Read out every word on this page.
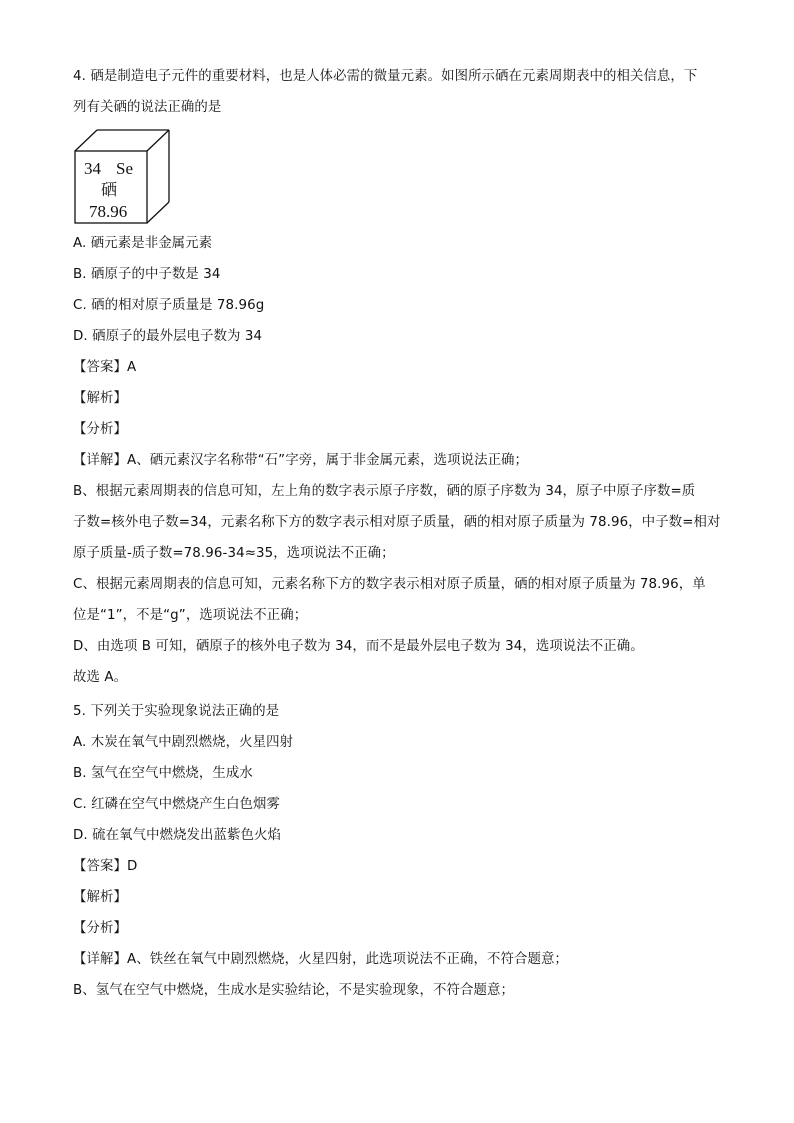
4. 硒是制造电子元件的重要材料，也是人体必需的微量元素。如图所示硒在元素周期表中的相关信息，下
列有关硒的说法正确的是
34 Se
硒
78.96
A. 硒元素是非金属元素
B. 硒原子的中子数是 34
C. 硒的相对原子质量是 78.96g
D. 硒原子的最外层电子数为 34
【答案】A
【解析】
【分析】
【详解】A、硒元素汉字名称带“石”字旁，属于非金属元素，选项说法正确；
B、根据元素周期表的信息可知，左上角的数字表示原子序数，硒的原子序数为 34，原子中原子序数=质
子数=核外电子数=34，元素名称下方的数字表示相对原子质量，硒的相对原子质量为 78.96，中子数=相对
原子质量-质子数=78.96-34≈35，选项说法不正确；
C、根据元素周期表的信息可知，元素名称下方的数字表示相对原子质量，硒的相对原子质量为 78.96，单
位是“1”，不是“g”，选项说法不正确；
D、由选项 B 可知，硒原子的核外电子数为 34，而不是最外层电子数为 34，选项说法不正确。
故选 A。
5. 下列关于实验现象说法正确的是
A. 木炭在氧气中剧烈燃烧，火星四射
B. 氢气在空气中燃烧，生成水
C. 红磷在空气中燃烧产生白色烟雾
D. 硫在氧气中燃烧发出蓝紫色火焰
【答案】D
【解析】
【分析】
【详解】A、铁丝在氧气中剧烈燃烧，火星四射，此选项说法不正确，不符合题意；
B、氢气在空气中燃烧，生成水是实验结论，不是实验现象，不符合题意；
